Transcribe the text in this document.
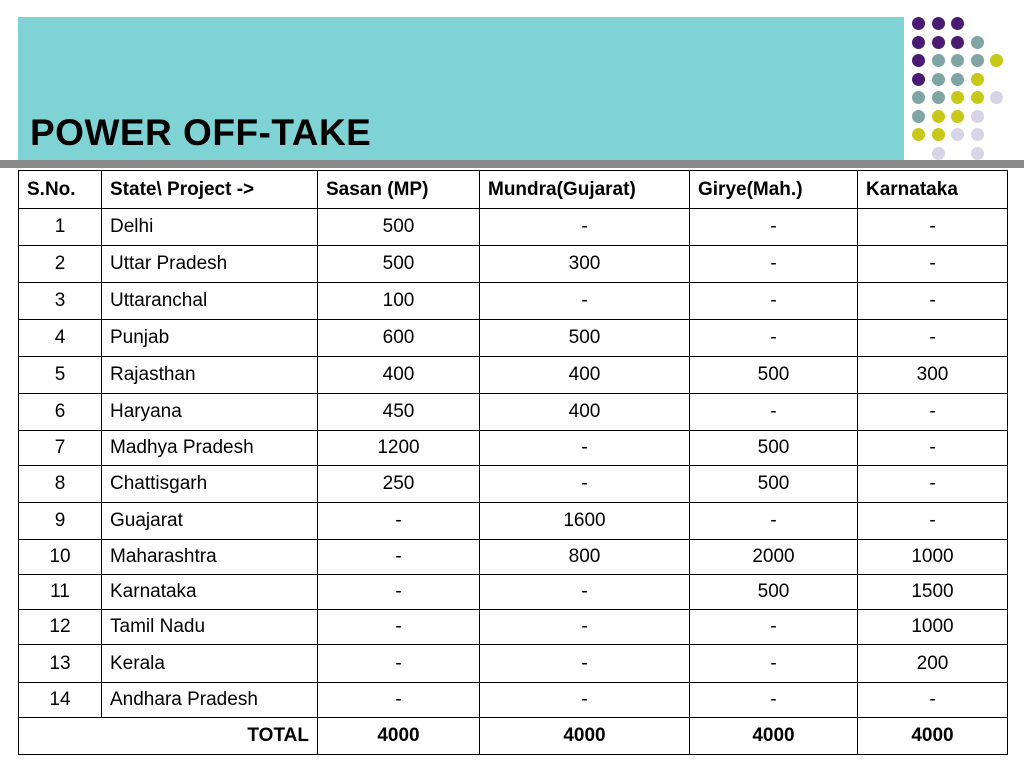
POWER OFF-TAKE
S.No.	State\ Project ->	Sasan (MP)	Mundra(Gujarat)	Girye(Mah.)	Karnataka
1	Delhi	500	-	-	-
2	Uttar Pradesh	500	300	-	-
3	Uttaranchal	100	-	-	-
4	Punjab	600	500	-	-
5	Rajasthan	400	400	500	300
6	Haryana	450	400	-	-
7	Madhya Pradesh	1200	-	500	-
8	Chattisgarh	250	-	500	-
9	Guajarat	-	1600	-	-
10	Maharashtra	-	800	2000	1000
11	Karnataka	-	-	500	1500
12	Tamil Nadu	-	-	-	1000
13	Kerala	-	-	-	200
14	Andhara Pradesh	-	-	-	-
TOTAL		4000	4000	4000	4000
